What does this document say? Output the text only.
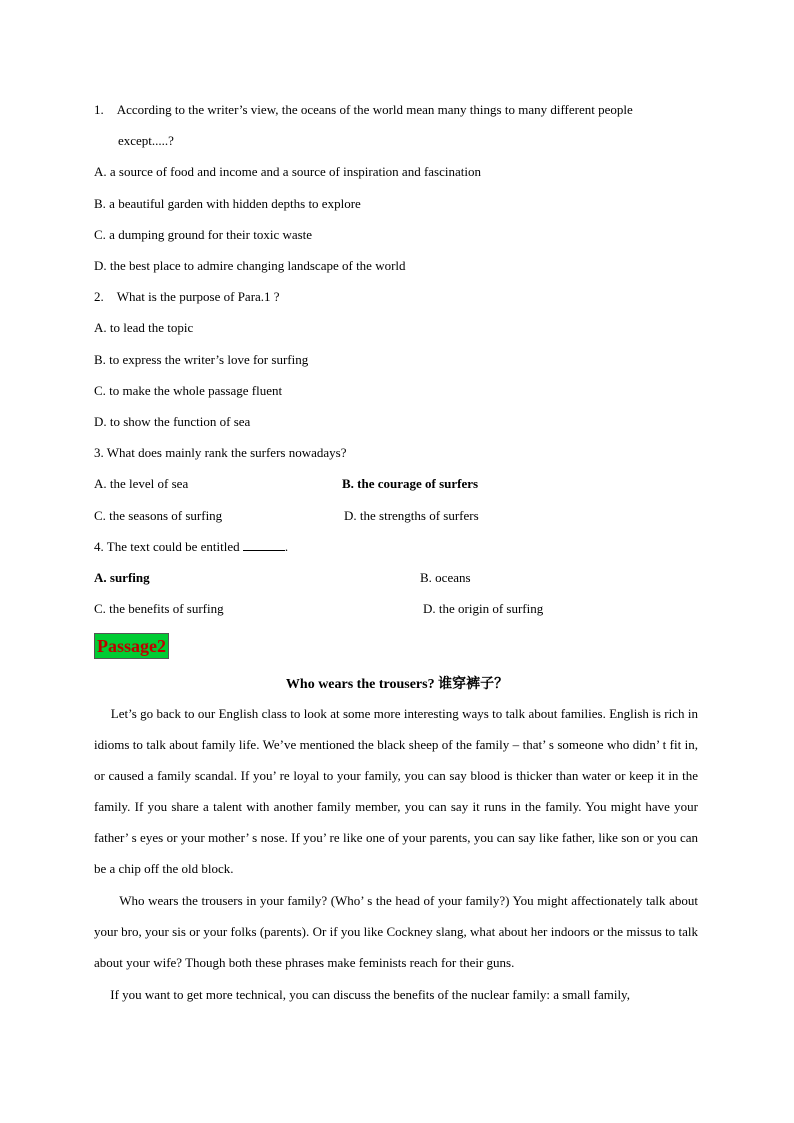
1.    According to the writer’s view, the oceans of the world mean many things to many different people
except.....?
A. a source of food and income and a source of inspiration and fascination
B. a beautiful garden with hidden depths to explore
C. a dumping ground for their toxic waste
D. the best place to admire changing landscape of the world
2.    What is the purpose of Para.1 ?
A. to lead the topic
B. to express the writer’s love for surfing
C. to make the whole passage fluent
D. to show the function of sea
3. What does mainly rank the surfers nowadays?
A. the level of sea	B. the courage of surfers
C. the seasons of surfing	D. the strengths of surfers
4. The text could be entitled	.
A. surfing	B. oceans
C. the benefits of surfing	D. the origin of surfing
Passage2
Who wears the trousers? 谁穿裤子？
Let’s go back to our English class to look at some more interesting ways to talk about families. English is rich in idioms to talk about family life. We’ve mentioned the black sheep of the family – that’ s someone who didn’ t fit in, or caused a family scandal. If you’ re loyal to your family, you can say blood is thicker than water or keep it in the family. If you share a talent with another family member, you can say it runs in the family. You might have your father’ s eyes or your mother’ s nose. If you’ re like one of your parents, you can say like father, like son or you can be a chip off the old block.
Who wears the trousers in your family? (Who’ s the head of your family?) You might affectionately talk about your bro, your sis or your folks (parents). Or if you like Cockney slang, what about her indoors or the missus to talk about your wife? Though both these phrases make feminists reach for their guns.
If you want to get more technical, you can discuss the benefits of the nuclear family: a small family,
